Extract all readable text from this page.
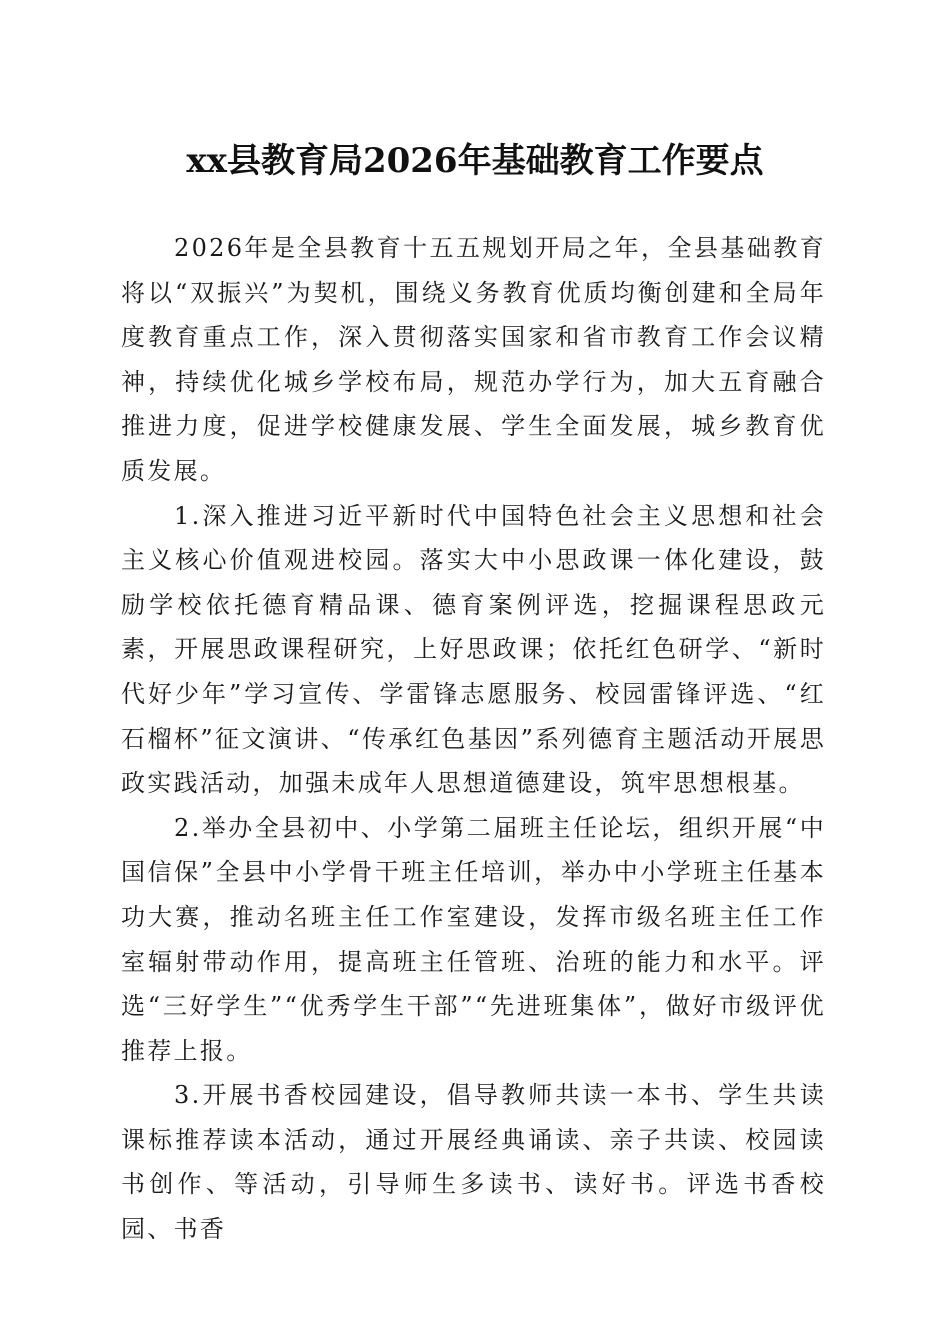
xx县教育局2026年基础教育工作要点

2026年是全县教育十五五规划开局之年，全县基础教育将以“双振兴”为契机，围绕义务教育优质均衡创建和全局年度教育重点工作，深入贯彻落实国家和省市教育工作会议精神，持续优化城乡学校布局，规范办学行为，加大五育融合推进力度，促进学校健康发展、学生全面发展，城乡教育优质发展。

1.深入推进习近平新时代中国特色社会主义思想和社会主义核心价值观进校园。落实大中小思政课一体化建设，鼓励学校依托德育精品课、德育案例评选，挖掘课程思政元素，开展思政课程研究，上好思政课；依托红色研学、“新时代好少年”学习宣传、学雷锋志愿服务、校园雷锋评选、“红石榴杯”征文演讲、“传承红色基因”系列德育主题活动开展思政实践活动，加强未成年人思想道德建设，筑牢思想根基。

2.举办全县初中、小学第二届班主任论坛，组织开展“中国信保”全县中小学骨干班主任培训，举办中小学班主任基本功大赛，推动名班主任工作室建设，发挥市级名班主任工作室辐射带动作用，提高班主任管班、治班的能力和水平。评选“三好学生”“优秀学生干部”“先进班集体”，做好市级评优推荐上报。

3.开展书香校园建设，倡导教师共读一本书、学生共读课标推荐读本活动，通过开展经典诵读、亲子共读、校园读书创作、等活动，引导师生多读书、读好书。评选书香校园、书香
